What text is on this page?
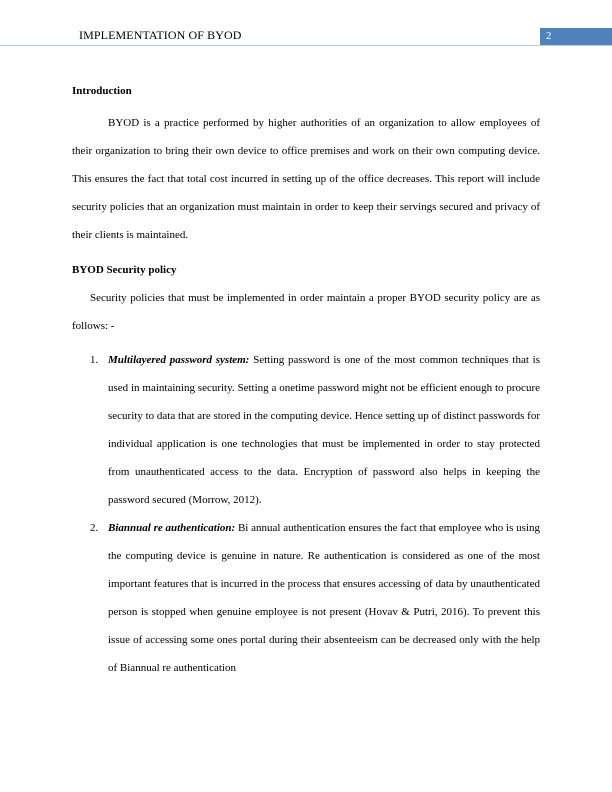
IMPLEMENTATION OF BYOD	2
Introduction

BYOD is a practice performed by higher authorities of an organization to allow employees of their organization to bring their own device to office premises and work on their own computing device. This ensures the fact that total cost incurred in setting up of the office decreases. This report will include security policies that an organization must maintain in order to keep their servings secured and privacy of their clients is maintained.

BYOD Security policy

Security policies that must be implemented in order maintain a proper BYOD security policy are as follows: -

1. Multilayered password system: Setting password is one of the most common techniques that is used in maintaining security. Setting a onetime password might not be efficient enough to procure security to data that are stored in the computing device. Hence setting up of distinct passwords for individual application is one technologies that must be implemented in order to stay protected from unauthenticated access to the data. Encryption of password also helps in keeping the password secured (Morrow, 2012).
2. Biannual re authentication: Bi annual authentication ensures the fact that employee who is using the computing device is genuine in nature. Re authentication is considered as one of the most important features that is incurred in the process that ensures accessing of data by unauthenticated person is stopped when genuine employee is not present (Hovav & Putri, 2016). To prevent this issue of accessing some ones portal during their absenteeism can be decreased only with the help of Biannual re authentication
